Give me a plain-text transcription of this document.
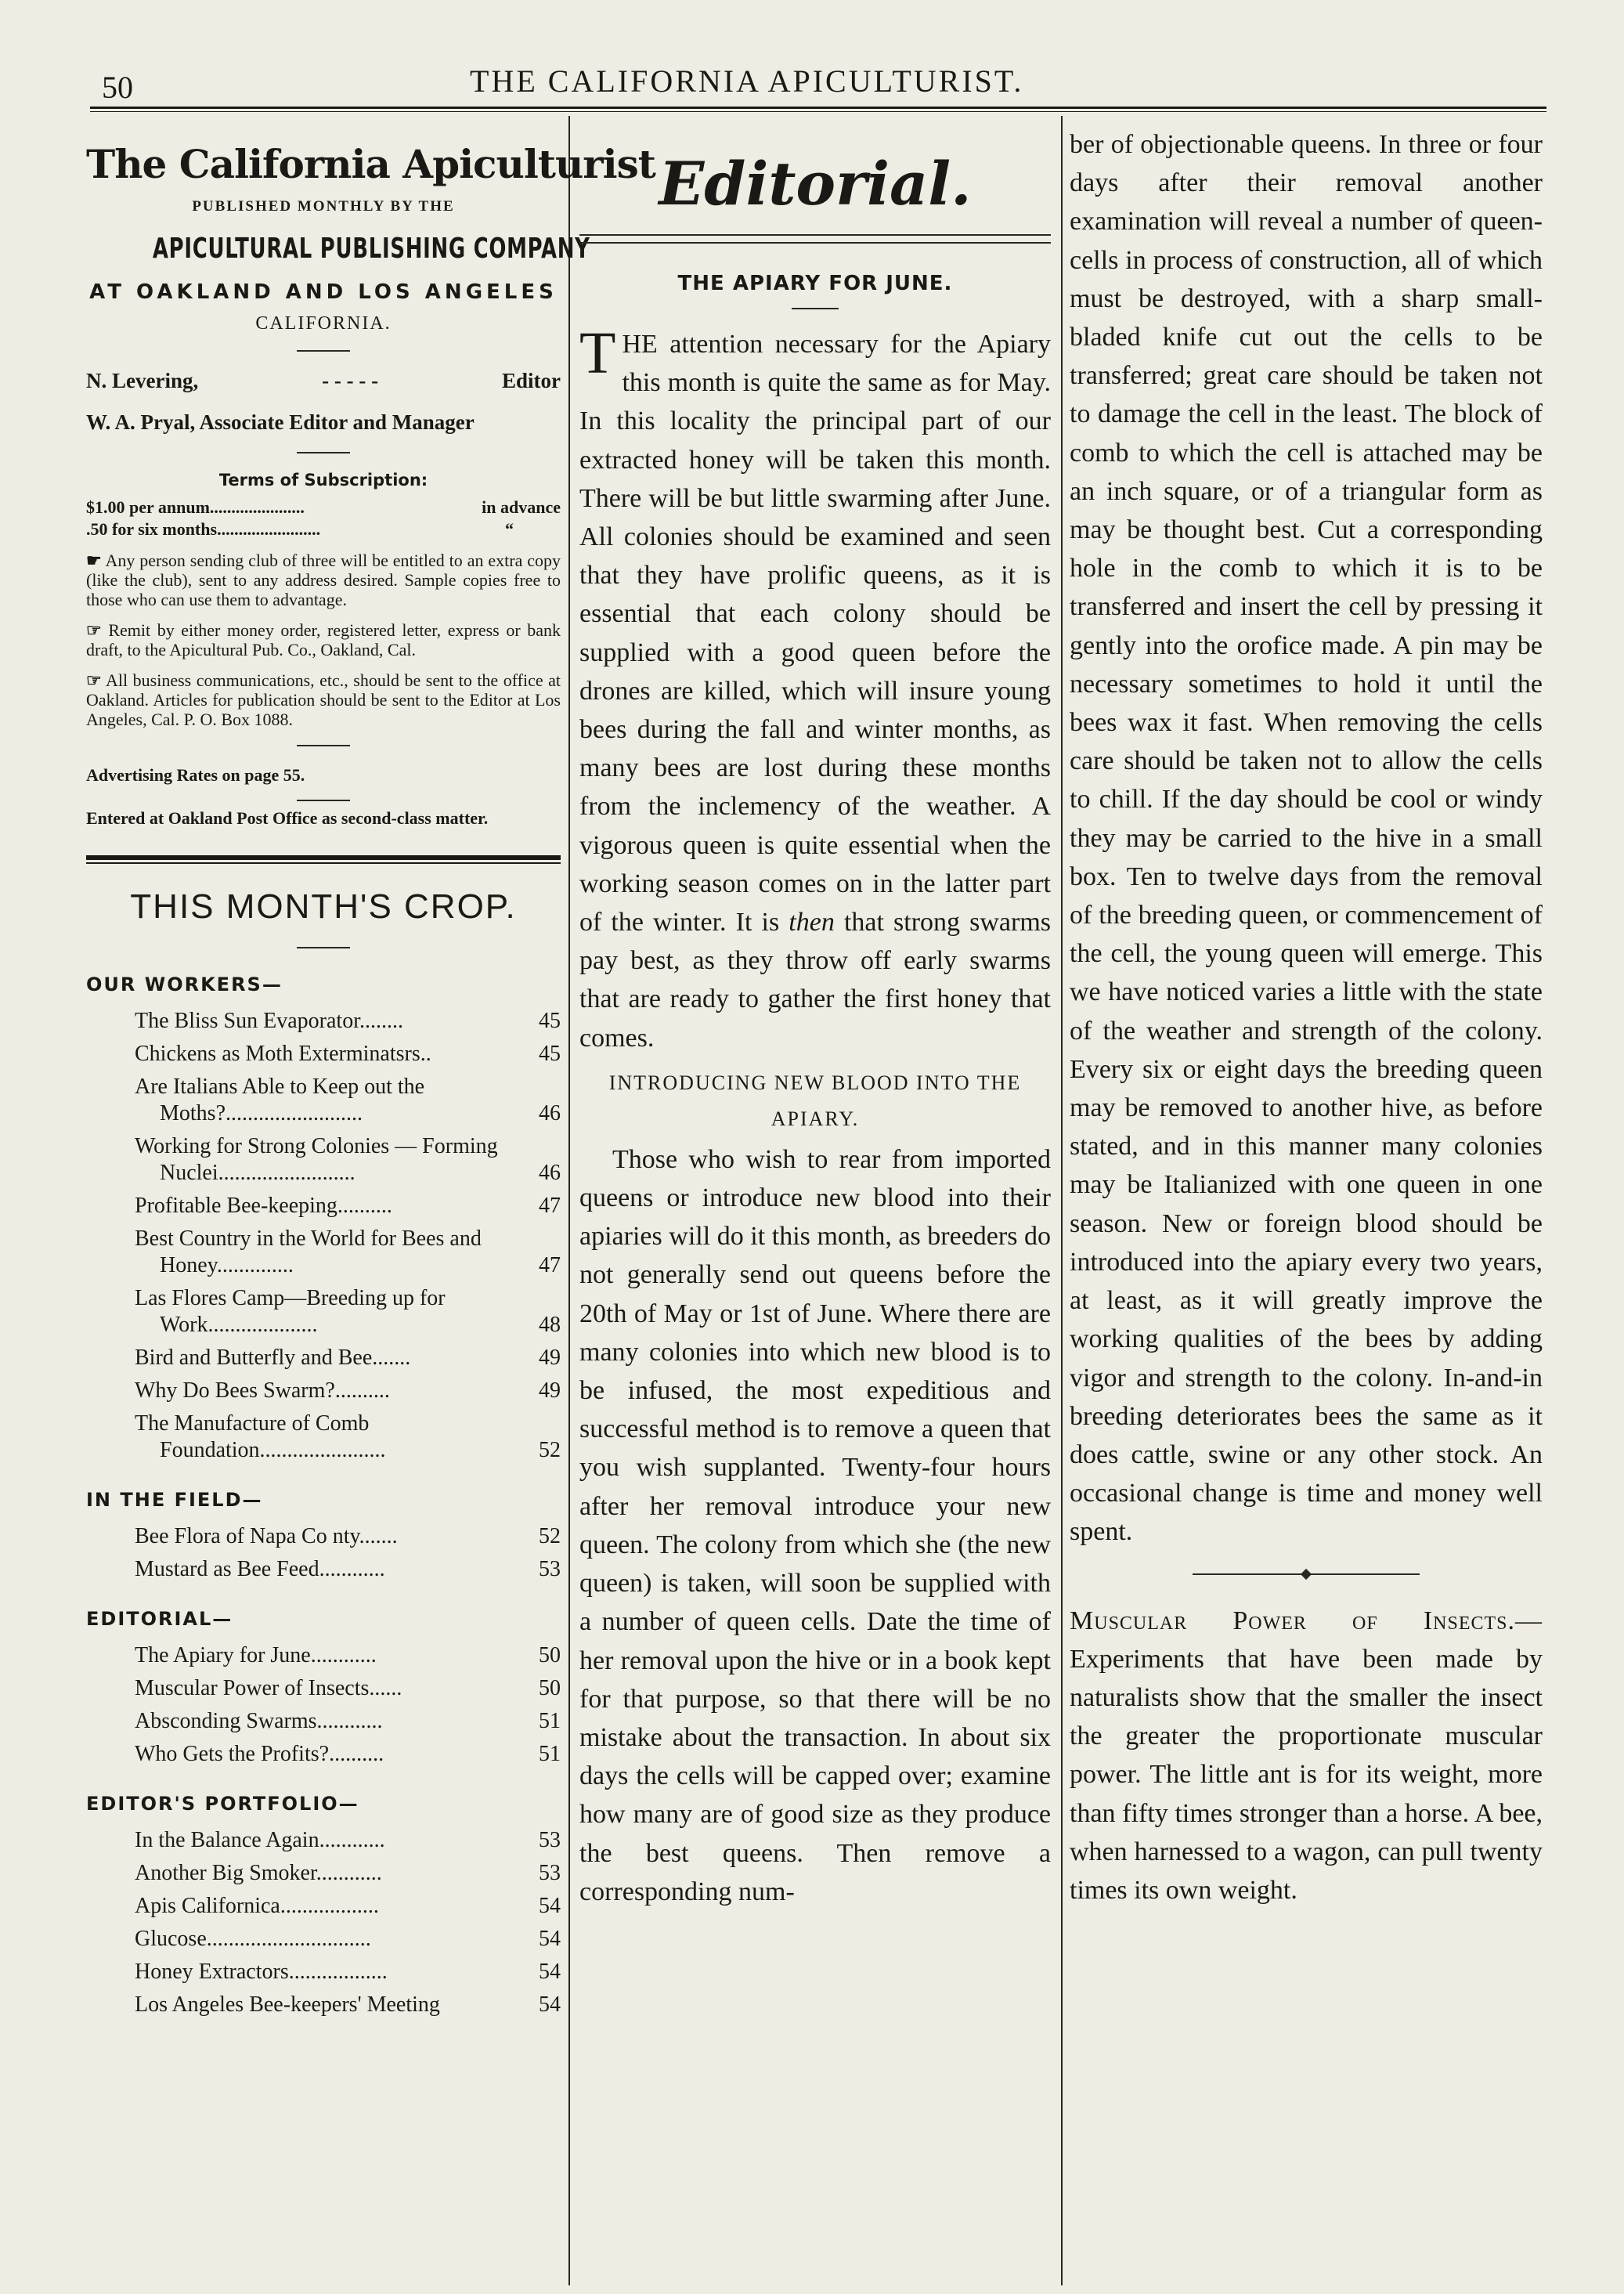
50	THE CALIFORNIA APICULTURIST.
The California Apiculturist
PUBLISHED MONTHLY BY THE
APICULTURAL PUBLISHING COMPANY
AT OAKLAND AND LOS ANGELES
CALIFORNIA.
N. Levering,	- - - - -	Editor
W. A. Pryal, Associate Editor and Manager
Terms of Subscription:
$1.00 per annum ......................	in advance
.50 for six months ........................	“

☛ Any person sending club of three will be entitled to an extra copy (like the club), sent to any address desired. Sample copies free to those who can use them to advantage.

☞ Remit by either money order, registered letter, express or bank draft, to the Apicultural Pub. Co., Oakland, Cal.

☞ All business communications, etc., should be sent to the office at Oakland. Articles for publication should be sent to the Editor at Los Angeles, Cal. P. O. Box 1088.

Advertising Rates on page 55.
Entered at Oakland Post Office as second-class matter.
THIS MONTH'S CROP.
OUR WORKERS—
The Bliss Sun Evaporator........	45
Chickens as Moth Exterminatsrs..	45
Are Italians Able to Keep out the Moths?.........................	46
Working for Strong Colonies — Forming Nuclei.........................	46
Profitable Bee-keeping..........	47
Best Country in the World for Bees and Honey..............	47
Las Flores Camp—Breeding up for Work....................	48
Bird and Butterfly and Bee.......	49
Why Do Bees Swarm?..........	49
The Manufacture of Comb Foundation.......................	52
IN THE FIELD—
Bee Flora of Napa Co nty.......	52
Mustard as Bee Feed............	53
EDITORIAL—
The Apiary for June............	50
Muscular Power of Insects......	50
Absconding Swarms............	51
Who Gets the Profits?..........	51
EDITOR'S PORTFOLIO—
In the Balance Again............	53
Another Big Smoker............	53
Apis Californica..................	54
Glucose..............................	54
Honey Extractors..................	54
Los Angeles Bee-keepers' Meeting	54
Editorial.
THE APIARY FOR JUNE.

T HE attention necessary for the Apiary this month is quite the same as for May. In this locality the principal part of our extracted honey will be taken this month. There will be but little swarming after June. All colonies should be examined and seen that they have prolific queens, as it is essential that each colony should be supplied with a good queen before the drones are killed, which will insure young bees during the fall and winter months, as many bees are lost during these months from the inclemency of the weather. A vigorous queen is quite essential when the working season comes on in the latter part of the winter. It is then that strong swarms pay best, as they throw off early swarms that are ready to gather the first honey that comes.

INTRODUCING NEW BLOOD INTO THE APIARY.

Those who wish to rear from imported queens or introduce new blood into their apiaries will do it this month, as breeders do not generally send out queens before the 20th of May or 1st of June. Where there are many colonies into which new blood is to be infused, the most expeditious and successful method is to remove a queen that you wish supplanted. Twenty-four hours after her removal introduce your new queen. The colony from which she (the new queen) is taken, will soon be supplied with a number of queen cells. Date the time of her removal upon the hive or in a book kept for that purpose, so that there will be no mistake about the transaction. In about six days the cells will be capped over; examine how many are of good size as they produce the best queens. Then remove a corresponding num-

ber of objectionable queens. In three or four days after their removal another examination will reveal a number of queen-cells in process of construction, all of which must be destroyed, with a sharp small-bladed knife cut out the cells to be transferred; great care should be taken not to damage the cell in the least. The block of comb to which the cell is attached may be an inch square, or of a triangular form as may be thought best. Cut a corresponding hole in the comb to which it is to be transferred and insert the cell by pressing it gently into the orofice made. A pin may be necessary sometimes to hold it until the bees wax it fast. When removing the cells care should be taken not to allow the cells to chill. If the day should be cool or windy they may be carried to the hive in a small box. Ten to twelve days from the removal of the breeding queen, or commencement of the cell, the young queen will emerge. This we have noticed varies a little with the state of the weather and strength of the colony. Every six or eight days the breeding queen may be removed to another hive, as before stated, and in this manner many colonies may be Italianized with one queen in one season. New or foreign blood should be introduced into the apiary every two years, at least, as it will greatly improve the working qualities of the bees by adding vigor and strength to the colony. In-and-in breeding deteriorates bees the same as it does cattle, swine or any other stock. An occasional change is time and money well spent.

Muscular Power of Insects.— Experiments that have been made by naturalists show that the smaller the insect the greater the proportionate muscular power. The little ant is for its weight, more than fifty times stronger than a horse. A bee, when harnessed to a wagon, can pull twenty times its own weight.
